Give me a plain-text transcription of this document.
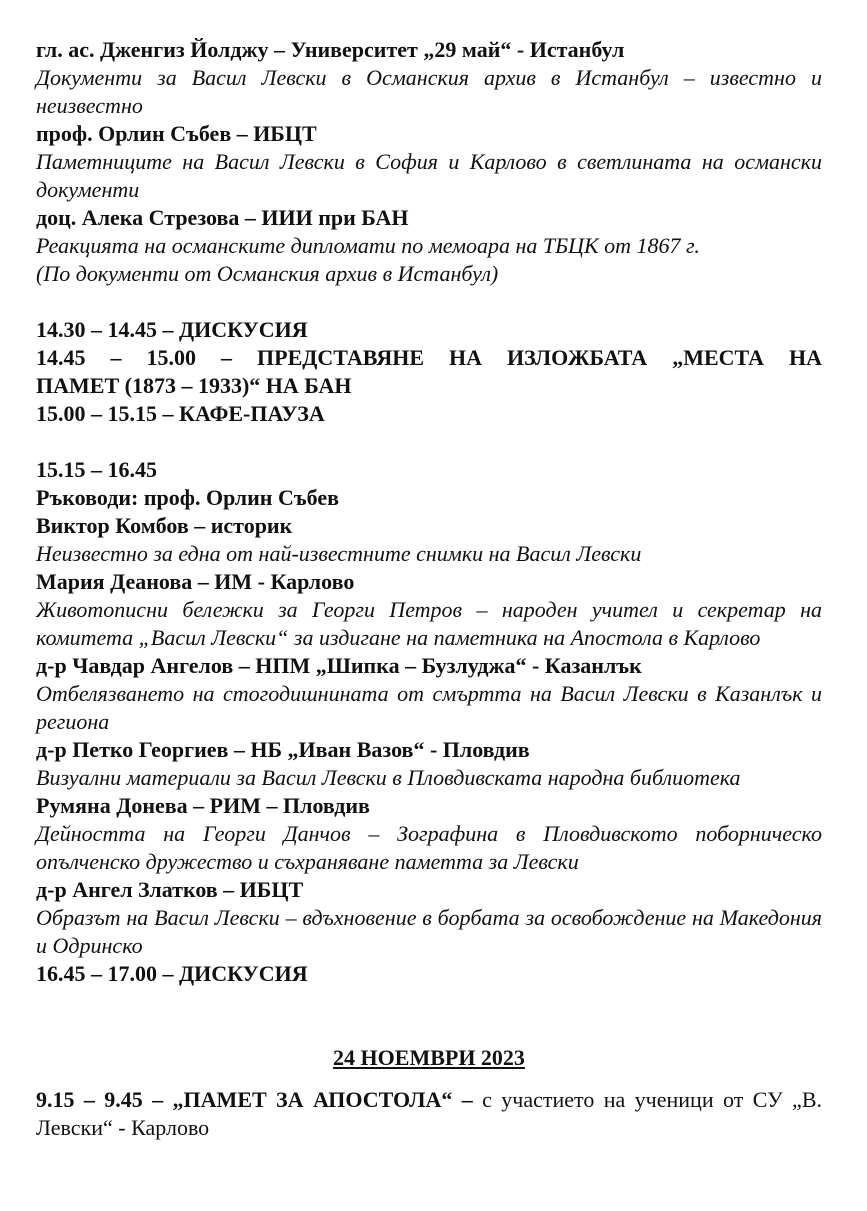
гл. ас. Дженгиз Йолджу – Университет „29 май“ - Истанбул

Документи за Васил Левски в Османския архив в Истанбул – известно и неизвестно

проф. Орлин Събев – ИБЦТ

Паметниците на Васил Левски в София и Карлово в светлината на османски документи

доц. Алека Стрезова – ИИИ при БАН

Реакцията на османските дипломати по мемоара на ТБЦК от 1867 г.

(По документи от Османския архив в Истанбул)

14.30 – 14.45 – ДИСКУСИЯ

14.45 – 15.00 – ПРЕДСТАВЯНЕ НА ИЗЛОЖБАТА „МЕСТА НА

ПАМЕТ (1873 – 1933)“ НА БАН

15.00 – 15.15 – КАФЕ-ПАУЗА

15.15 – 16.45

Ръководи: проф. Орлин Събев

Виктор Комбов – историк

Неизвестно за една от най-известните снимки на Васил Левски

Мария Деанова – ИМ - Карлово

Животописни бележки за Георги Петров – народен учител и секретар на комитета „Васил Левски“ за издигане на паметника на Апостола в Карлово

д-р Чавдар Ангелов – НПМ „Шипка – Бузлуджа“ - Казанлък

Отбелязването на стогодишнината от смъртта на Васил Левски в Казанлък и региона

д-р Петко Георгиев – НБ „Иван Вазов“ - Пловдив

Визуални материали за Васил Левски в Пловдивската народна библиотека

Румяна Донева – РИМ – Пловдив

Дейността на Георги Данчов – Зографина в Пловдивското поборническо опълченско дружество и съхраняване паметта за Левски

д-р Ангел Златков – ИБЦТ

Образът на Васил Левски – вдъхновение в борбата за освобождение на Македония и Одринско

16.45 – 17.00 – ДИСКУСИЯ

24 НОЕМВРИ 2023

9.15 – 9.45 – „ПАМЕТ ЗА АПОСТОЛА“ – с участието на ученици от СУ „В. Левски“ - Карлово
